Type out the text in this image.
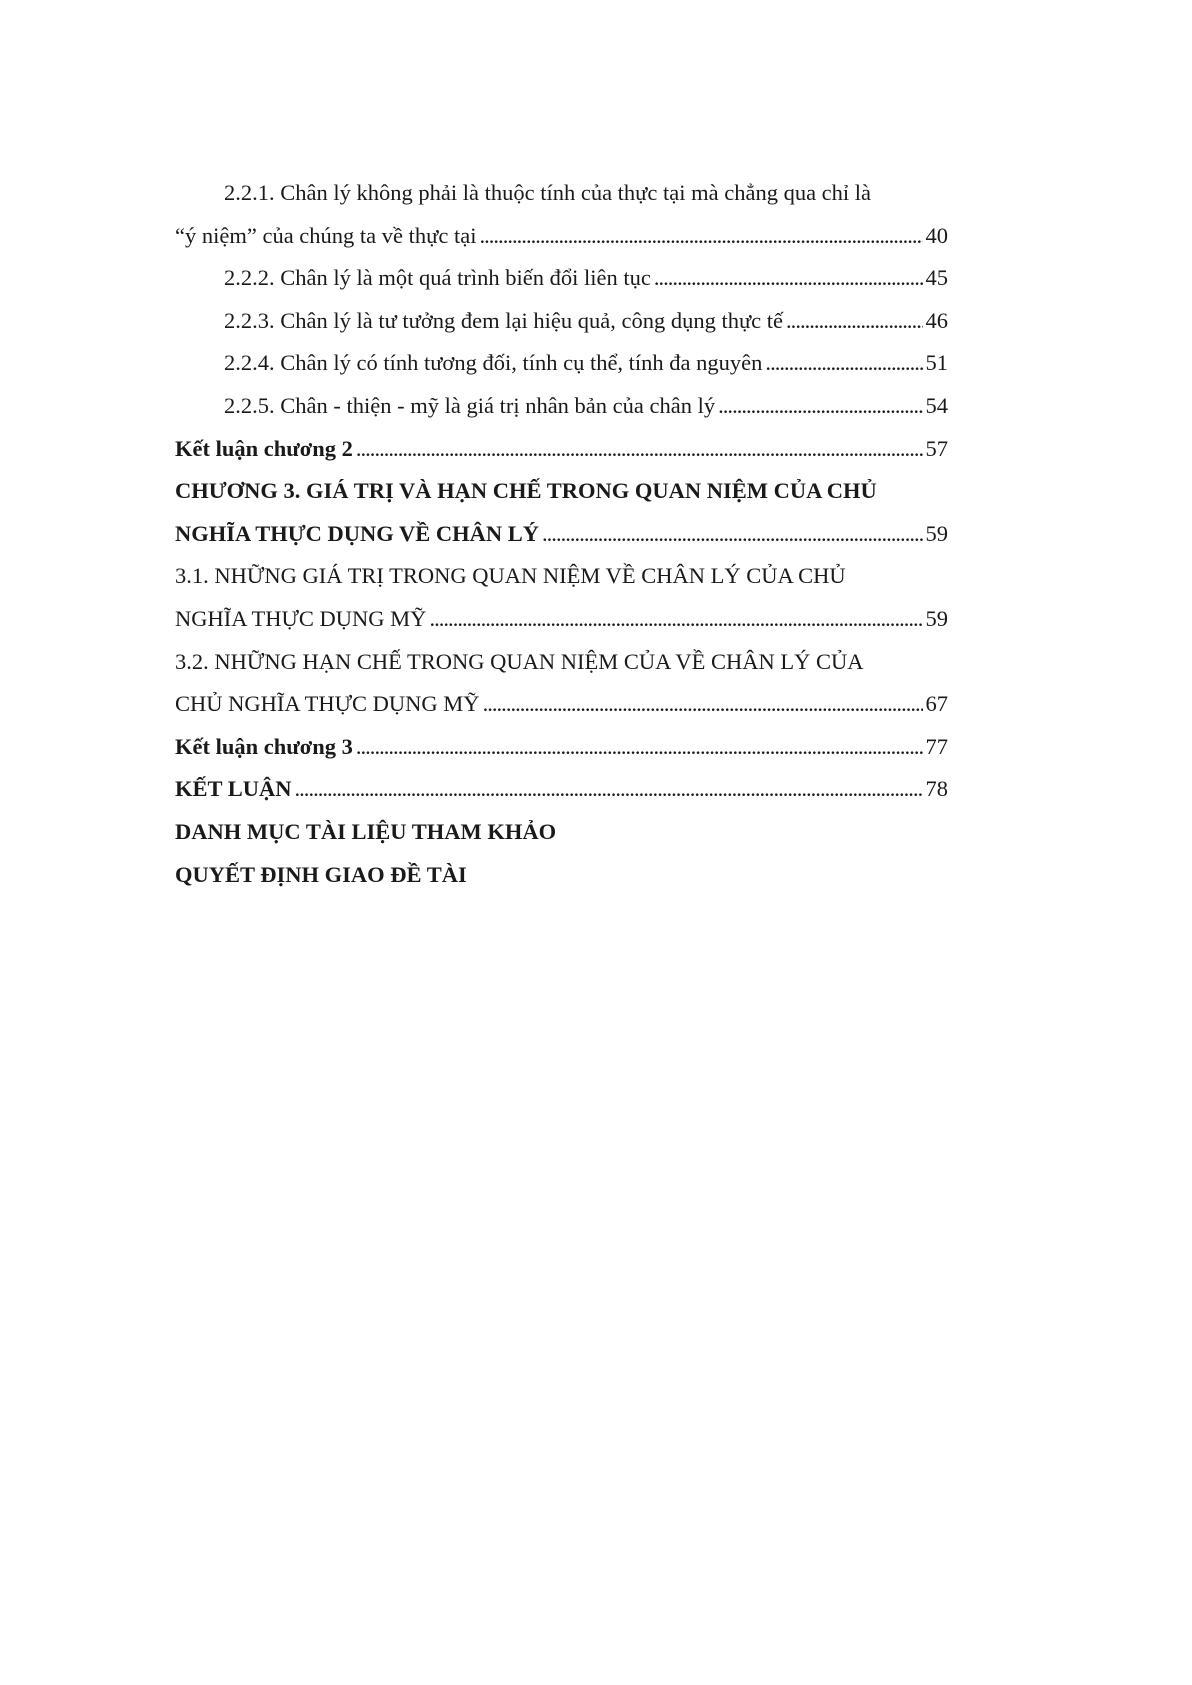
2.2.1. Chân lý không phải là thuộc tính của thực tại mà chẳng qua chỉ là
“ý niệm” của chúng ta về thực tại . . .	40
2.2.2. Chân lý là một quá trình biến đổi liên tục . . .	45
2.2.3. Chân lý là tư tưởng đem lại hiệu quả, công dụng thực tế . . .	46
2.2.4. Chân lý có tính tương đối, tính cụ thể, tính đa nguyên . . .	51
2.2.5. Chân - thiện - mỹ là giá trị nhân bản của chân lý . . .	54
Kết luận chương 2 . . .	57
CHƯƠNG 3. GIÁ TRỊ VÀ HẠN CHẾ TRONG QUAN NIỆM CỦA CHỦ
NGHĨA THỰC DỤNG VỀ CHÂN LÝ . . .	59
3.1. NHỮNG GIÁ TRỊ TRONG QUAN NIỆM VỀ CHÂN LÝ CỦA CHỦ
NGHĨA THỰC DỤNG MỸ . . .	59
3.2. NHỮNG HẠN CHẾ TRONG QUAN NIỆM CỦA VỀ CHÂN LÝ CỦA
CHỦ NGHĨA THỰC DỤNG MỸ . . .	67
Kết luận chương 3 . . .	77
KẾT LUẬN . . .	78
DANH MỤC TÀI LIỆU THAM KHẢO
QUYẾT ĐỊNH GIAO ĐỀ TÀI
